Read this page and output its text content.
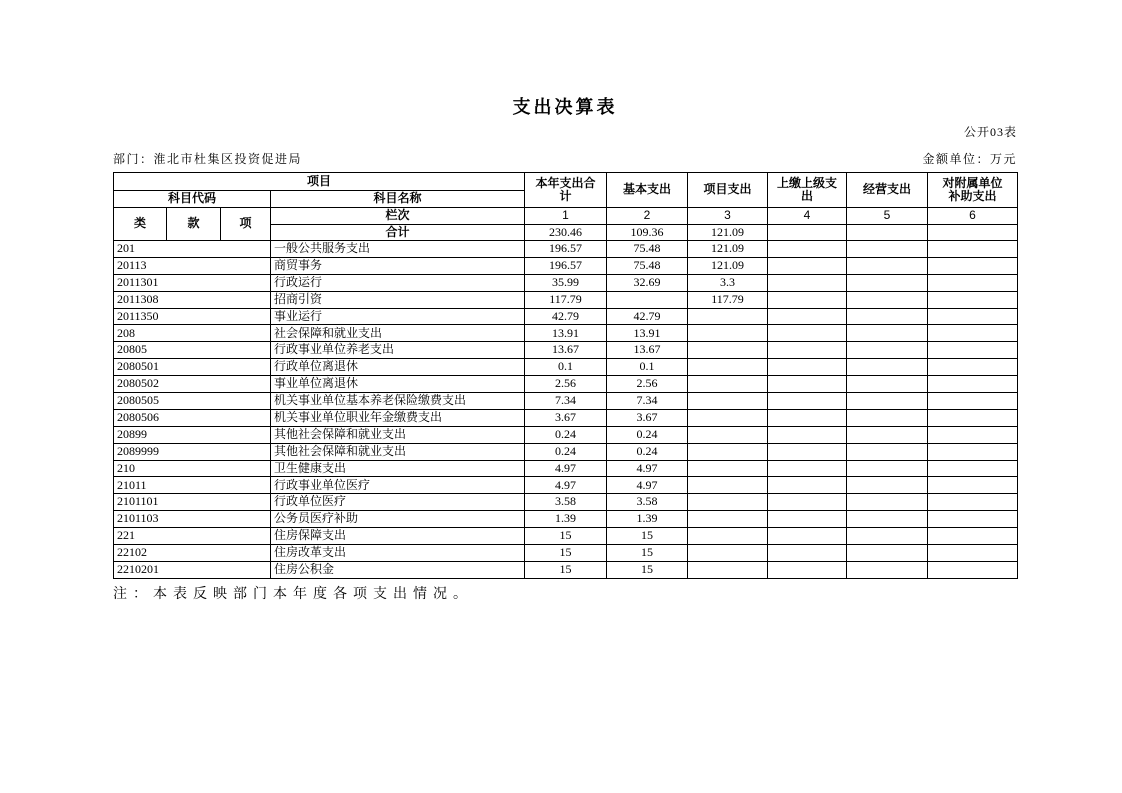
支出决算表
公开03表
部门：淮北市杜集区投资促进局	金额单位：万元
项目				本年支出合计	基本支出	项目支出	上缴上级支出	经营支出	对附属单位补助支出
科目代码			科目名称						
类	款	项	栏次	1	2	3	4	5	6
			合计	230.46	109.36	121.09			
201			一般公共服务支出	196.57	75.48	121.09			
20113			商贸事务	196.57	75.48	121.09			
2011301			行政运行	35.99	32.69	3.3			
2011308			招商引资	117.79		117.79			
2011350			事业运行	42.79	42.79				
208			社会保障和就业支出	13.91	13.91				
20805			行政事业单位养老支出	13.67	13.67				
2080501			行政单位离退休	0.1	0.1				
2080502			事业单位离退休	2.56	2.56				
2080505			机关事业单位基本养老保险缴费支出	7.34	7.34				
2080506			机关事业单位职业年金缴费支出	3.67	3.67				
20899			其他社会保障和就业支出	0.24	0.24				
2089999			其他社会保障和就业支出	0.24	0.24				
210			卫生健康支出	4.97	4.97				
21011			行政事业单位医疗	4.97	4.97				
2101101			行政单位医疗	3.58	3.58				
2101103			公务员医疗补助	1.39	1.39				
221			住房保障支出	15	15				
22102			住房改革支出	15	15				
2210201			住房公积金	15	15				
注：本表反映部门本年度各项支出情况。
